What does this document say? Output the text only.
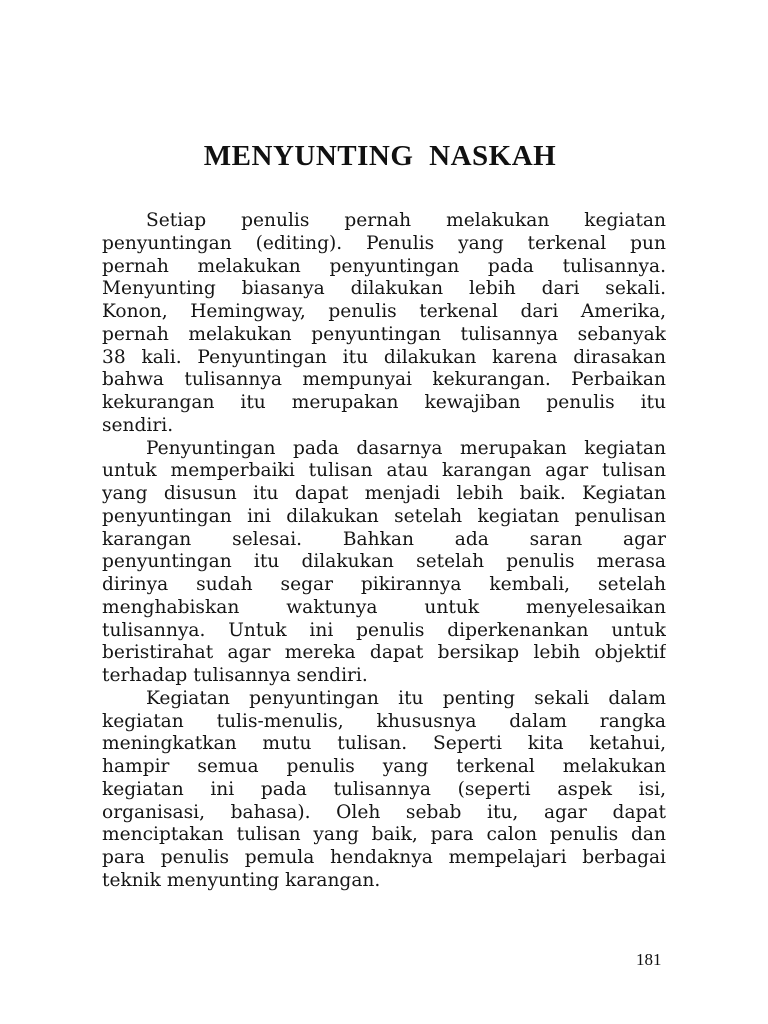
MENYUNTING NASKAH
Setiap penulis pernah melakukan kegiatan
penyuntingan (editing). Penulis yang terkenal pun
pernah melakukan penyuntingan pada tulisannya.
Menyunting biasanya dilakukan lebih dari sekali.
Konon, Hemingway, penulis terkenal dari Amerika,
pernah melakukan penyuntingan tulisannya sebanyak
38 kali. Penyuntingan itu dilakukan karena dirasakan
bahwa tulisannya mempunyai kekurangan. Perbaikan
kekurangan itu merupakan kewajiban penulis itu
sendiri.
Penyuntingan pada dasarnya merupakan kegiatan
untuk memperbaiki tulisan atau karangan agar tulisan
yang disusun itu dapat menjadi lebih baik. Kegiatan
penyuntingan ini dilakukan setelah kegiatan penulisan
karangan selesai. Bahkan ada saran agar
penyuntingan itu dilakukan setelah penulis merasa
dirinya sudah segar pikirannya kembali, setelah
menghabiskan waktunya untuk menyelesaikan
tulisannya. Untuk ini penulis diperkenankan untuk
beristirahat agar mereka dapat bersikap lebih objektif
terhadap tulisannya sendiri.
Kegiatan penyuntingan itu penting sekali dalam
kegiatan tulis-menulis, khususnya dalam rangka
meningkatkan mutu tulisan. Seperti kita ketahui,
hampir semua penulis yang terkenal melakukan
kegiatan ini pada tulisannya (seperti aspek isi,
organisasi, bahasa). Oleh sebab itu, agar dapat
menciptakan tulisan yang baik, para calon penulis dan
para penulis pemula hendaknya mempelajari berbagai
teknik menyunting karangan.
181
